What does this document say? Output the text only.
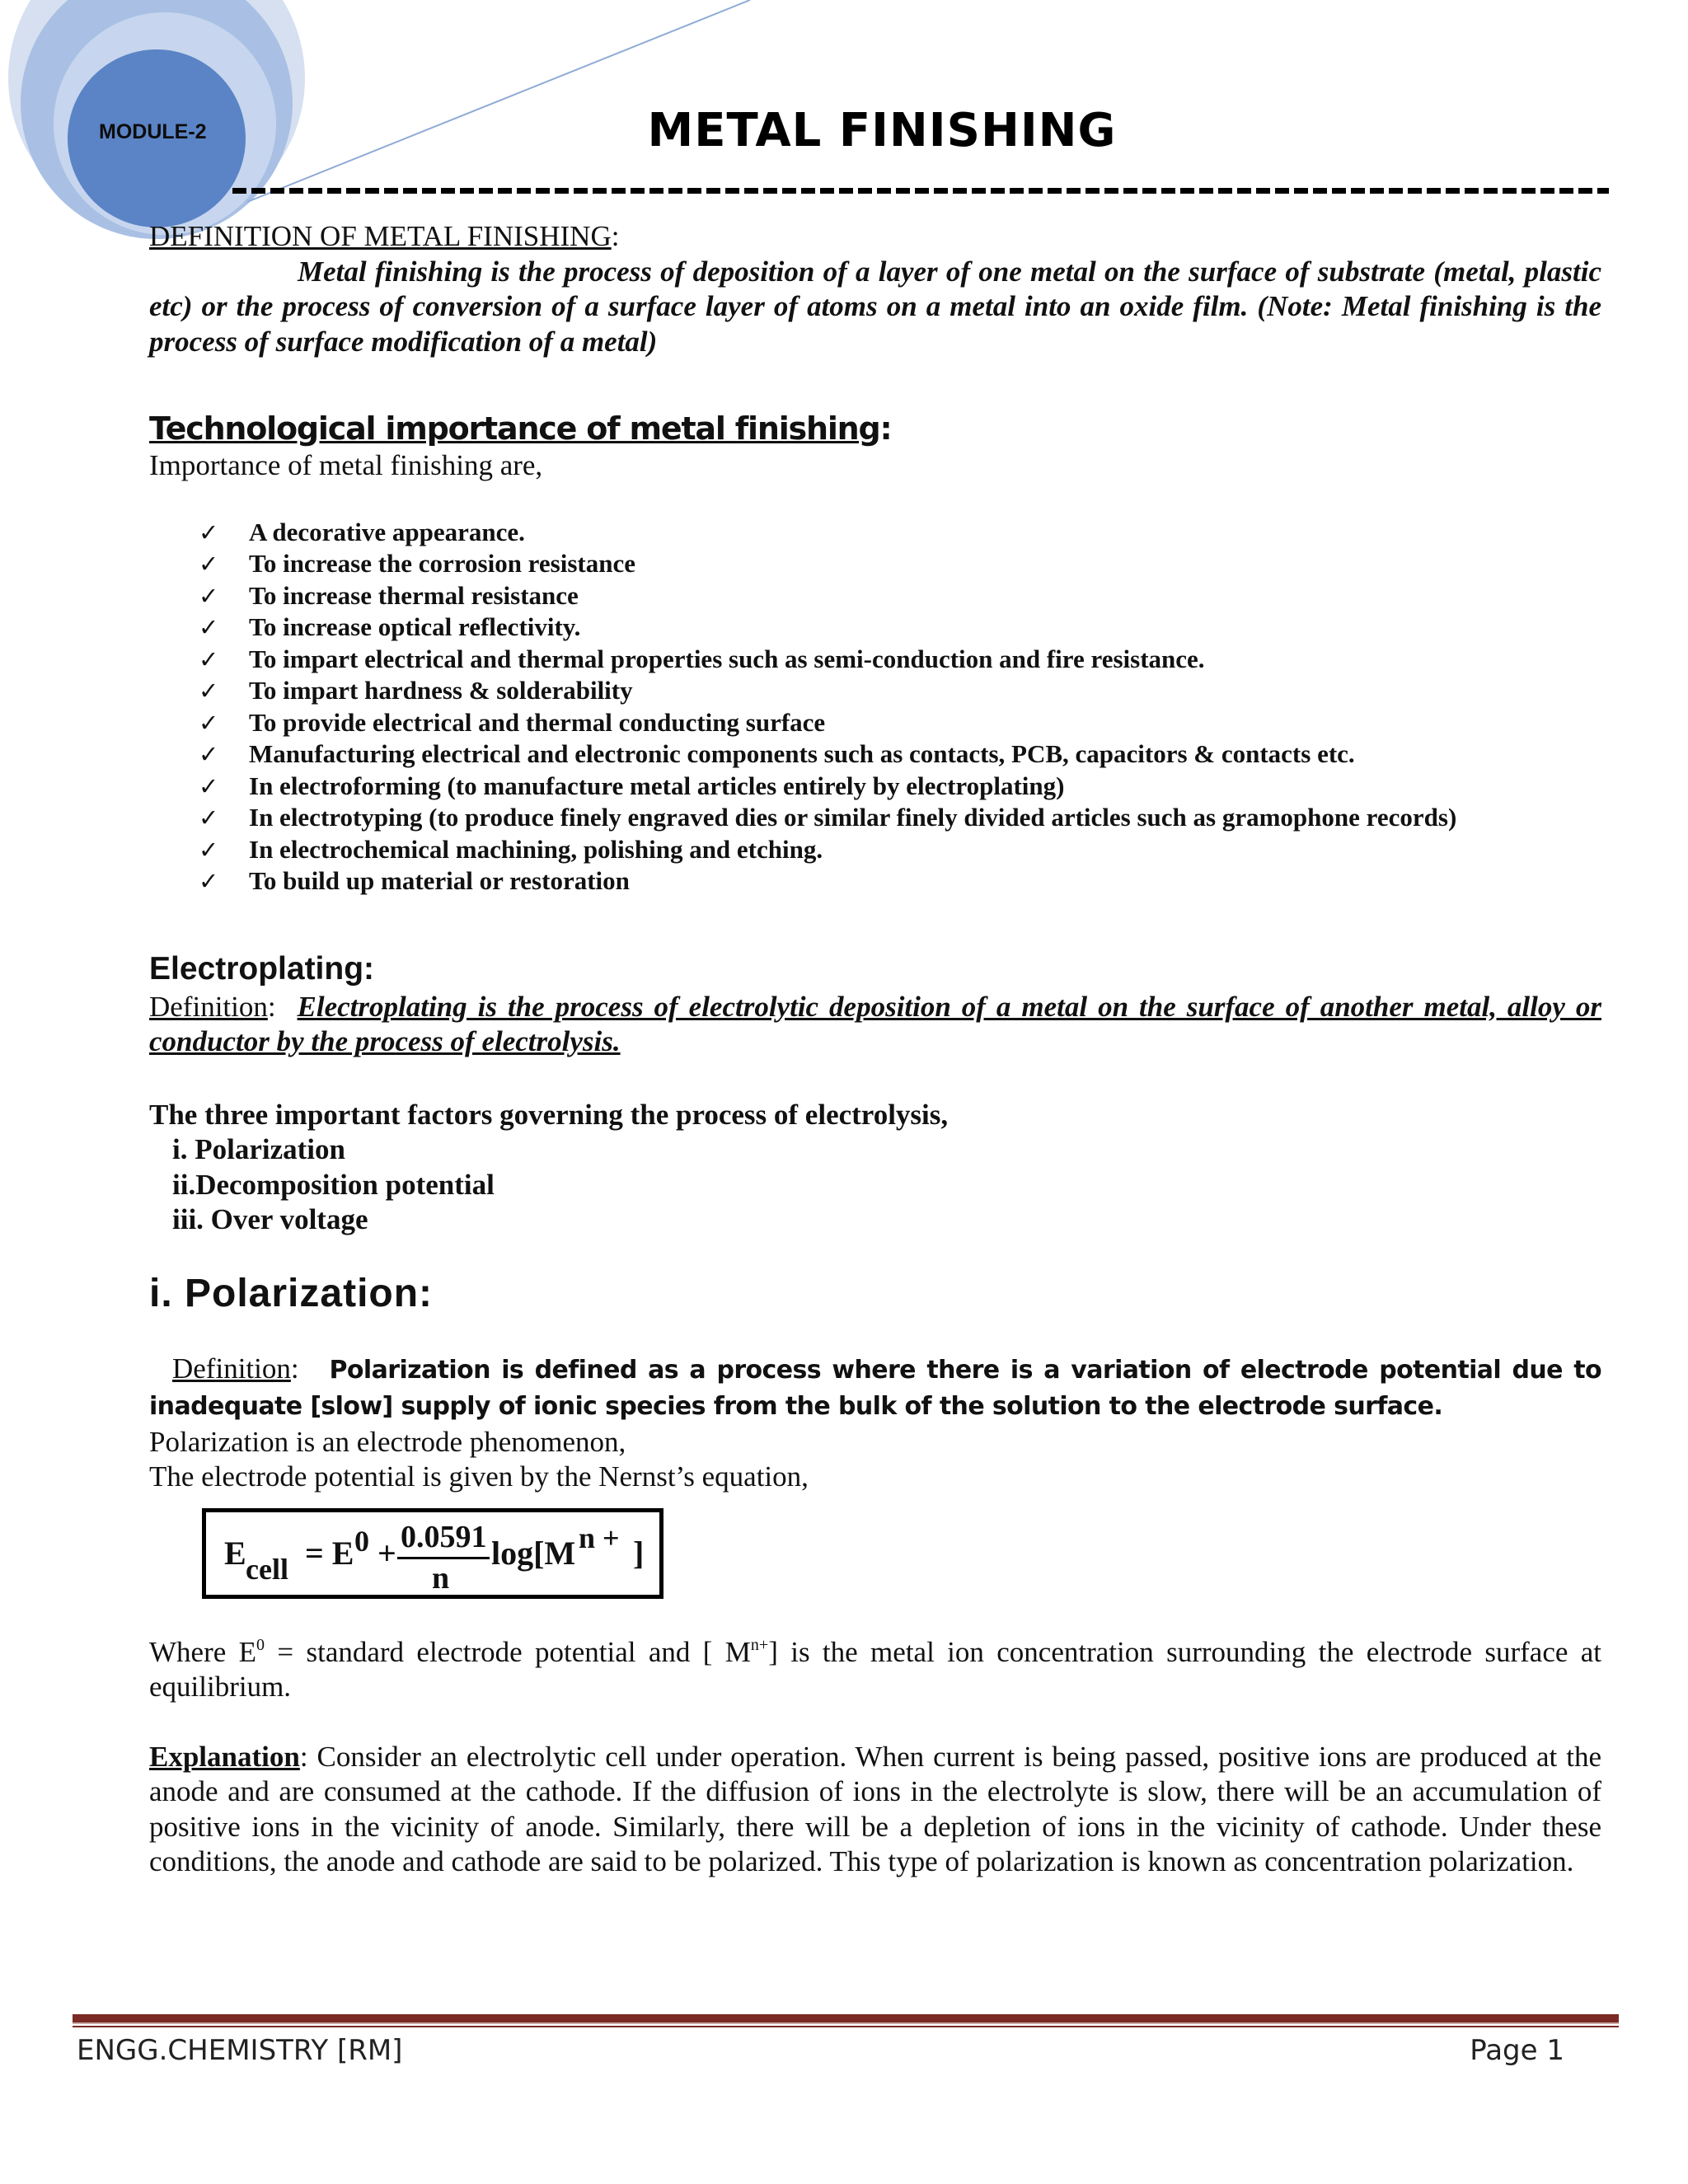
MODULE-2	METAL FINISHING

DEFINITION OF METAL FINISHING:

Metal finishing is the process of deposition of a layer of one metal on the surface of substrate (metal, plastic etc) or the process of conversion of a surface layer of atoms on a metal into an oxide film. (Note: Metal finishing is the process of surface modification of a metal)

Technological importance of metal finishing:

Importance of metal finishing are,

✓ A decorative appearance.
✓ To increase the corrosion resistance
✓ To increase thermal resistance
✓ To increase optical reflectivity.
✓ To impart electrical and thermal properties such as semi-conduction and fire resistance.
✓ To impart hardness & solderability
✓ To provide electrical and thermal conducting surface
✓ Manufacturing electrical and electronic components such as contacts, PCB, capacitors & contacts etc.
✓ In electroforming (to manufacture metal articles entirely by electroplating)
✓ In electrotyping (to produce finely engraved dies or similar finely divided articles such as gramophone records)
✓ In electrochemical machining, polishing and etching.
✓ To build up material or restoration

Electroplating:

Definition: Electroplating is the process of electrolytic deposition of a metal on the surface of another metal, alloy or conductor by the process of electrolysis.

The three important factors governing the process of electrolysis,

i. Polarization

ii.Decomposition potential

iii. Over voltage

i. Polarization:

Definition: Polarization is defined as a process where there is a variation of electrode potential due to inadequate [slow] supply of ionic species from the bulk of the solution to the electrode surface.

Polarization is an electrode phenomenon,

The electrode potential is given by the Nernst’s equation,

E cell = E 0 + 0.0591
n
log[M n + ]

Where $E^0$ = standard electrode potential and [ $M^{n+}$] is the metal ion concentration surrounding the electrode surface at equilibrium.

Explanation: Consider an electrolytic cell under operation. When current is being passed, positive ions are produced at the anode and are consumed at the cathode. If the diffusion of ions in the electrolyte is slow, there will be an accumulation of positive ions in the vicinity of anode. Similarly, there will be a depletion of ions in the vicinity of cathode. Under these conditions, the anode and cathode are said to be polarized. This type of polarization is known as concentration polarization.

ENGG.CHEMISTRY [RM]	Page 1
